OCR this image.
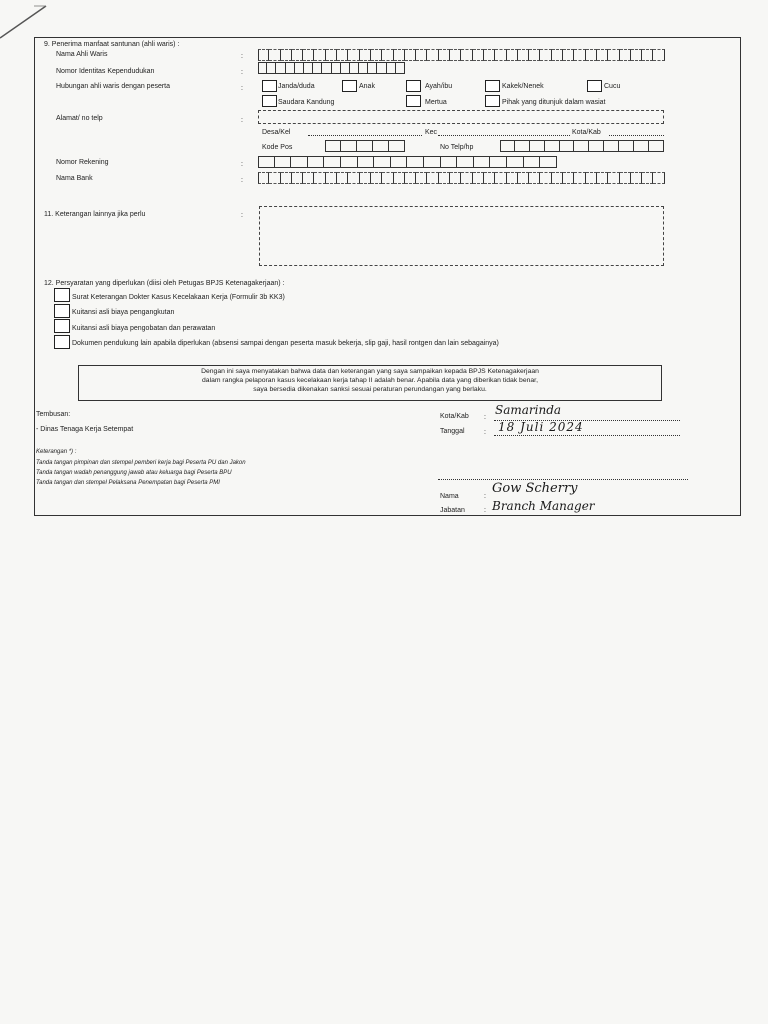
9. Penerima manfaat santunan (ahli waris) :
Nama Ahli Waris	:
Nomor Identitas Kependudukan	:
Hubungan ahli waris dengan peserta	:	Janda/duda	Anak	Ayah/ibu	Kakek/Nenek	Cucu
Saudara Kandung	Mertua	Pihak yang ditunjuk dalam wasiat
Alamat/ no telp	:
Desa/Kel	Kec	Kota/Kab
Kode Pos	No Telp/hp
Nomor Rekening	:
Nama Bank	:
11. Keterangan lainnya jika perlu	:
12. Persyaratan yang diperlukan (diisi oleh Petugas BPJS Ketenagakerjaan) :
Surat Keterangan Dokter Kasus Kecelakaan Kerja (Formulir 3b KK3)
Kuitansi asli biaya pengangkutan
Kuitansi asli biaya pengobatan dan perawatan
Dokumen pendukung lain apabila diperlukan (absensi sampai dengan peserta masuk bekerja, slip gaji, hasil rontgen dan lain sebagainya)
Dengan ini saya menyatakan bahwa data dan keterangan yang saya sampaikan kepada BPJS Ketenagakerjaan
dalam rangka pelaporan kasus kecelakaan kerja tahap II adalah benar. Apabila data yang diberikan tidak benar,
saya bersedia dikenakan sanksi sesuai peraturan perundangan yang berlaku.
Tembusan:
- Dinas Tenaga Kerja Setempat
Kota/Kab :
Samarinda
Tanggal	: 18 Juli 2024
Keterangan *) :
Tanda tangan pimpinan dan stempel pemberi kerja bagi Peserta PU dan Jakon
Tanda tangan wadah penanggung jawab atau keluarga bagi Peserta BPU
Tanda tangan dan stempel Pelaksana Penempatan bagi Peserta PMI
Nama	:
Gow Scherry
Jabatan	: Branch Manager
